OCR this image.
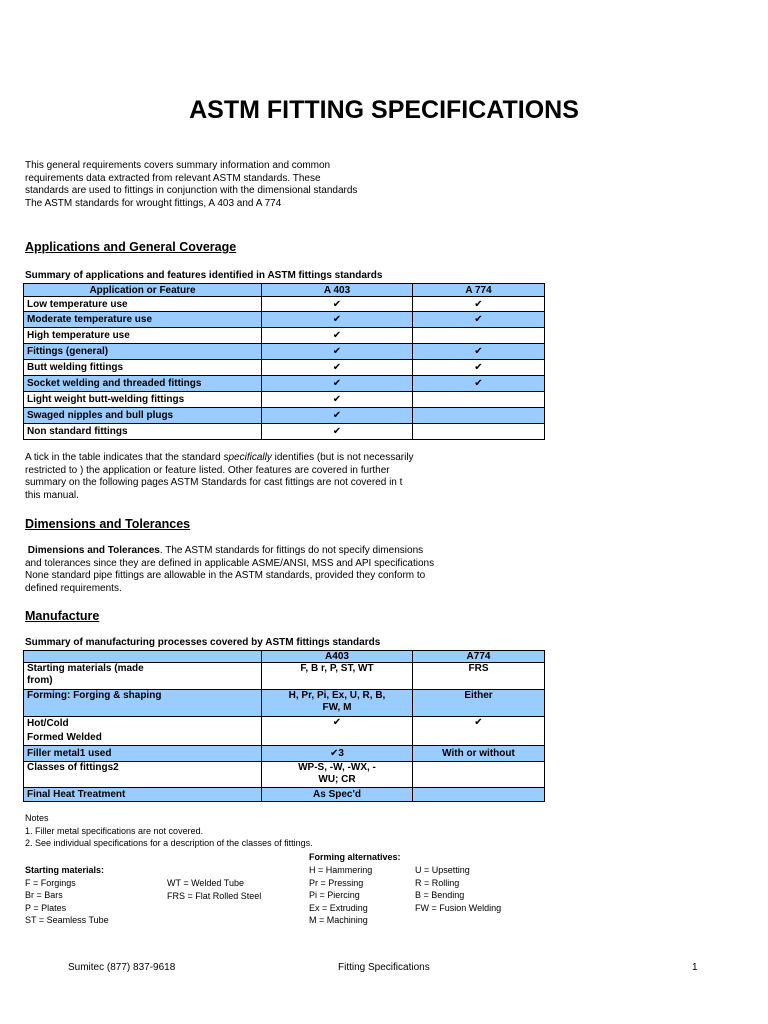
ASTM FITTING SPECIFICATIONS
This general requirements covers summary information and common
requirements data extracted from relevant ASTM standards. These
standards are used to fittings in conjunction with the dimensional standards
The ASTM standards for wrought fittings, A 403 and A 774
Applications and General Coverage
Summary of applications and features identified in ASTM fittings standards
Application or Feature	A 403	A 774
Low temperature use	✔	✔
Moderate temperature use	✔	✔
High temperature use	✔	
Fittings (general)	✔	✔
Butt welding fittings	✔	✔
Socket welding and threaded fittings	✔	✔
Light weight butt-welding fittings	✔	
Swaged nipples and bull plugs	✔	
Non standard fittings	✔	
A tick in the table indicates that the standard specifically identifies (but is not necessarily
restricted to ) the application or feature listed. Other features are covered in further
summary on the following pages ASTM Standards for cast fittings are not covered in t
this manual.
Dimensions and Tolerances
Dimensions and Tolerances. The ASTM standards for fittings do not specify dimensions
and tolerances since they are defined in applicable ASME/ANSI, MSS and API specifications
None standard pipe fittings are allowable in the ASTM standards, provided they conform to
defined requirements.
Manufacture
Summary of manufacturing processes covered by ASTM fittings standards
	A403	A774

Starting materials (made from)	F, B r, P, ST, WT	FRS
Forming: Forging & shaping	H, Pr, Pi, Ex, U, R, B, FW, M	Either

Hot/Cold Formed Welded	✔	✔
Filler metal1 used	✔3	With or without
Classes of fittings2	WP-S, -W, -WX, -WU; CR	

Final Heat Treatment	As Spec'd	
Notes
1. Filler metal specifications are not covered.
2. See individual specifications for a description of the classes of fittings.
Forming alternatives:
Starting materials:
F = Forgings
Br = Bars
P = Plates
ST = Seamless Tube
WT = Welded Tube
FRS = Flat Rolled Steel
H = Hammering
Pr = Pressing
Pi = Piercing
Ex = Extruding
M = Machining
U = Upsetting
R = Rolling
B = Bending
FW = Fusion Welding
Sumitec (877) 837-9618	Fitting Specifications	1
